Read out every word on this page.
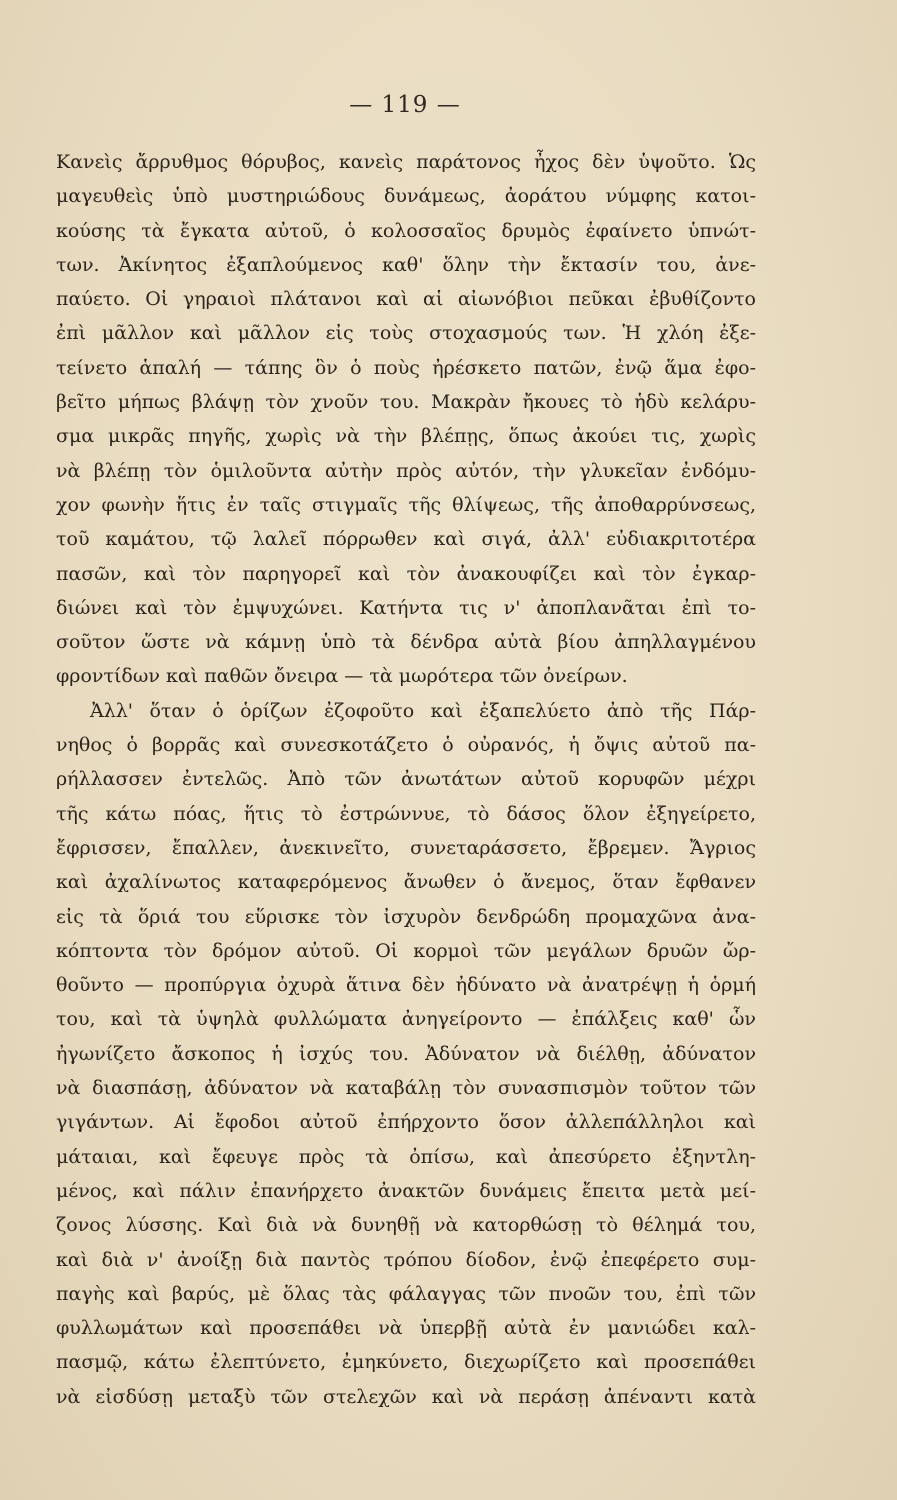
— 119 —
Κανεὶς ἄρρυθμος θόρυβος, κανεὶς παράτονος ἦχος δὲν ὑψοῦτο. Ὡς
μαγευθεὶς ὑπὸ μυστηριώδους δυνάμεως, ἀοράτου νύμφης κατοι-
κούσης τὰ ἔγκατα αὐτοῦ, ὁ κολοσσαῖος δρυμὸς ἐφαίνετο ὑπνώτ-
των. Ἀκίνητος ἐξαπλούμενος καθ' ὅλην τὴν ἔκτασίν του, ἀνε-
παύετο. Οἱ γηραιοὶ πλάτανοι καὶ αἱ αἰωνόβιοι πεῦκαι ἐβυθίζοντο
ἐπὶ μᾶλλον καὶ μᾶλλον εἰς τοὺς στοχασμούς των. Ἡ χλόη ἐξε-
τείνετο ἁπαλή — τάπης ὃν ὁ ποὺς ἠρέσκετο πατῶν, ἐνῷ ἅμα ἐφο-
βεῖτο μήπως βλάψῃ τὸν χνοῦν του. Μακρὰν ἤκουες τὸ ἡδὺ κελάρυ-
σμα μικρᾶς πηγῆς, χωρὶς νὰ τὴν βλέπῃς, ὅπως ἀκούει τις, χωρὶς
νὰ βλέπῃ τὸν ὁμιλοῦντα αὐτὴν πρὸς αὐτόν, τὴν γλυκεῖαν ἐνδόμυ-
χον φωνὴν ἥτις ἐν ταῖς στιγμαῖς τῆς θλίψεως, τῆς ἀποθαρρύνσεως,
τοῦ καμάτου, τῷ λαλεῖ πόρρωθεν καὶ σιγά, ἀλλ' εὐδιακριτοτέρα
πασῶν, καὶ τὸν παρηγορεῖ καὶ τὸν ἀνακουφίζει καὶ τὸν ἐγκαρ-
διώνει καὶ τὸν ἐμψυχώνει. Κατήντα τις ν' ἀποπλανᾶται ἐπὶ το-
σοῦτον ὥστε νὰ κάμνῃ ὑπὸ τὰ δένδρα αὐτὰ βίου ἀπηλλαγμένου
φροντίδων καὶ παθῶν ὄνειρα — τὰ μωρότερα τῶν ὀνείρων.
Ἀλλ' ὅταν ὁ ὁρίζων ἐζοφοῦτο καὶ ἐξαπελύετο ἀπὸ τῆς Πάρ-
νηθος ὁ βορρᾶς καὶ συνεσκοτάζετο ὁ οὐρανός, ἡ ὄψις αὐτοῦ πα-
ρήλλασσεν ἐντελῶς. Ἀπὸ τῶν ἀνωτάτων αὐτοῦ κορυφῶν μέχρι
τῆς κάτω πόας, ἥτις τὸ ἐστρώννυε, τὸ δάσος ὅλον ἐξηγείρετο,
ἔφρισσεν, ἔπαλλεν, ἀνεκινεῖτο, συνεταράσσετο, ἔβρεμεν. Ἄγριος
καὶ ἀχαλίνωτος καταφερόμενος ἄνωθεν ὁ ἄνεμος, ὅταν ἔφθανεν
εἰς τὰ ὅριά του εὕρισκε τὸν ἰσχυρὸν δενδρώδη προμαχῶνα ἀνα-
κόπτοντα τὸν δρόμον αὐτοῦ. Οἱ κορμοὶ τῶν μεγάλων δρυῶν ὤρ-
θοῦντο — προπύργια ὀχυρὰ ἅτινα δὲν ἠδύνατο νὰ ἀνατρέψῃ ἡ ὁρμή
του, καὶ τὰ ὑψηλὰ φυλλώματα ἀνηγείροντο — ἐπάλξεις καθ' ὧν
ἠγωνίζετο ἄσκοπος ἡ ἰσχύς του. Ἀδύνατον νὰ διέλθῃ, ἀδύνατον
νὰ διασπάσῃ, ἀδύνατον νὰ καταβάλῃ τὸν συνασπισμὸν τοῦτον τῶν
γιγάντων. Αἱ ἔφοδοι αὐτοῦ ἐπήρχοντο ὅσον ἀλλεπάλληλοι καὶ
μάταιαι, καὶ ἔφευγε πρὸς τὰ ὀπίσω, καὶ ἀπεσύρετο ἐξηντλη-
μένος, καὶ πάλιν ἐπανήρχετο ἀνακτῶν δυνάμεις ἔπειτα μετὰ μεί-
ζονος λύσσης. Καὶ διὰ νὰ δυνηθῇ νὰ κατορθώσῃ τὸ θέλημά του,
καὶ διὰ ν' ἀνοίξῃ διὰ παντὸς τρόπου δίοδον, ἐνῷ ἐπεφέρετο συμ-
παγὴς καὶ βαρύς, μὲ ὅλας τὰς φάλαγγας τῶν πνοῶν του, ἐπὶ τῶν
φυλλωμάτων καὶ προσεπάθει νὰ ὑπερβῇ αὐτὰ ἐν μανιώδει καλ-
πασμῷ, κάτω ἐλεπτύνετο, ἐμηκύνετο, διεχωρίζετο καὶ προσεπάθει
νὰ εἰσδύσῃ μεταξὺ τῶν στελεχῶν καὶ νὰ περάσῃ ἀπέναντι κατὰ
